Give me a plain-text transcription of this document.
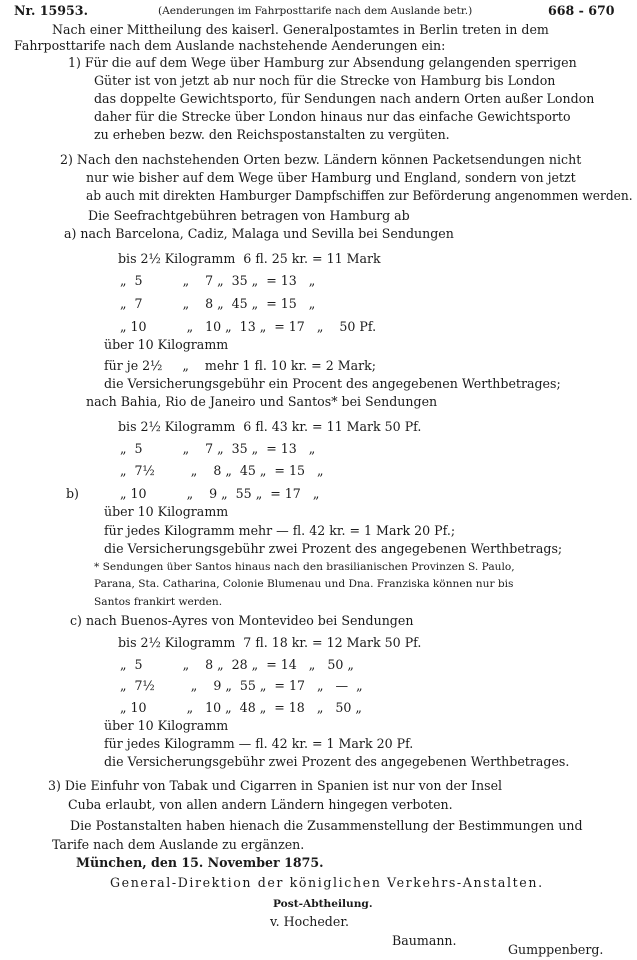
Nr. 15953.	(Aenderungen im Fahrposttarife nach dem Auslande betr.)	668 - 670
Nach einer Mittheilung des kaiserl. Generalpostamtes in Berlin treten in dem
Fahrposttarife nach dem Auslande nachstehende Aenderungen ein:
1) Für die auf dem Wege über Hamburg zur Absendung gelangenden sperrigen
Güter ist von jetzt ab nur noch für die Strecke von Hamburg bis London
das doppelte Gewichtsporto, für Sendungen nach andern Orten außer London
daher für die Strecke über London hinaus nur das einfache Gewichtsporto
zu erheben bezw. den Reichspostanstalten zu vergüten.
2) Nach den nachstehenden Orten bezw. Ländern können Packetsendungen nicht
nur wie bisher auf dem Wege über Hamburg und England, sondern von jetzt
ab auch mit direkten Hamburger Dampfschiffen zur Beförderung angenommen werden.
Die Seefrachtgebühren betragen von Hamburg ab
a) nach Barcelona, Cadiz, Malaga und Sevilla bei Sendungen
bis 2½ Kilogramm  6 fl. 25 kr. = 11 Mark
„  5          „    7 „  35 „  = 13   „
„  7          „    8 „  45 „  = 15   „
„ 10          „   10 „  13 „  = 17   „    50 Pf.
über 10 Kilogramm
für je 2½     „    mehr 1 fl. 10 kr. = 2 Mark;
die Versicherungsgebühr ein Procent des angegebenen Werthbetrages;
nach Bahia, Rio de Janeiro und Santos* bei Sendungen
bis 2½ Kilogramm  6 fl. 43 kr. = 11 Mark 50 Pf.
„  5          „    7 „  35 „  = 13   „
„  7½         „    8 „  45 „  = 15   „
b)	„ 10          „    9 „  55 „  = 17   „
über 10 Kilogramm
für jedes Kilogramm mehr — fl. 42 kr. = 1 Mark 20 Pf.;
die Versicherungsgebühr zwei Prozent des angegebenen Werthbetrags;
* Sendungen über Santos hinaus nach den brasilianischen Provinzen S. Paulo,
Parana, Sta. Catharina, Colonie Blumenau und Dna. Franziska können nur bis
Santos frankirt werden.
c) nach Buenos-Ayres von Montevideo bei Sendungen
bis 2½ Kilogramm  7 fl. 18 kr. = 12 Mark 50 Pf.
„  5          „    8 „  28 „  = 14   „   50 „
„  7½         „    9 „  55 „  = 17   „   —  „
„ 10          „   10 „  48 „  = 18   „   50 „
über 10 Kilogramm
für jedes Kilogramm — fl. 42 kr. = 1 Mark 20 Pf.
die Versicherungsgebühr zwei Prozent des angegebenen Werthbetrages.
3) Die Einfuhr von Tabak und Cigarren in Spanien ist nur von der Insel
Cuba erlaubt, von allen andern Ländern hingegen verboten.
Die Postanstalten haben hienach die Zusammenstellung der Bestimmungen und
Tarife nach dem Auslande zu ergänzen.
München, den 15. November 1875.
General-Direktion der königlichen Verkehrs-Anstalten.
Post-Abtheilung.
v. Hocheder.
Baumann.
Gumppenberg.
